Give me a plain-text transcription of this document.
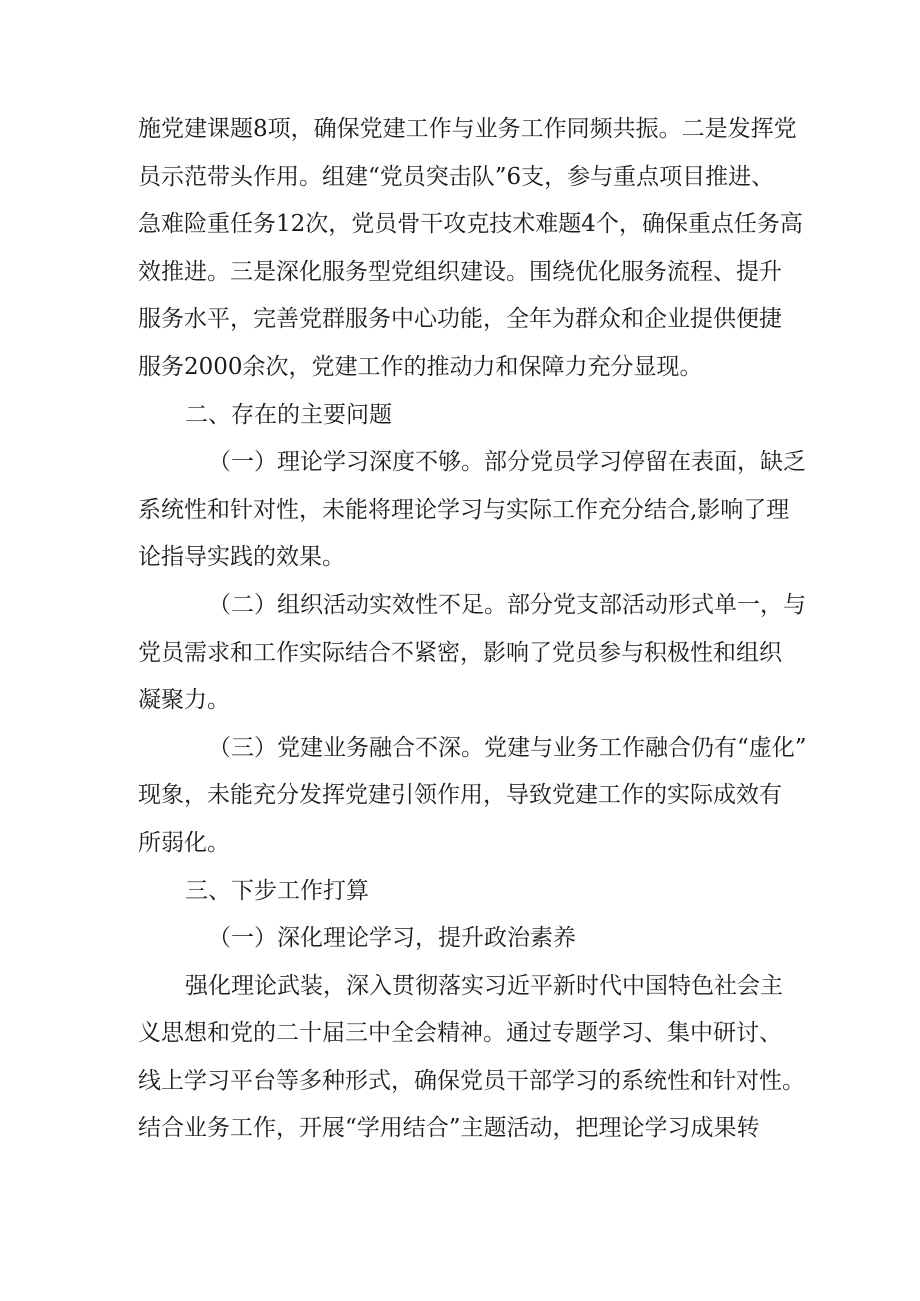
施党建课题8项，确保党建工作与业务工作同频共振。二是发挥党
员示范带头作用。组建“党员突击队”6支，参与重点项目推进、
急难险重任务12次，党员骨干攻克技术难题4个，确保重点任务高
效推进。三是深化服务型党组织建设。围绕优化服务流程、提升
服务水平，完善党群服务中心功能，全年为群众和企业提供便捷
服务2000余次，党建工作的推动力和保障力充分显现。
二、存在的主要问题
（一）理论学习深度不够。部分党员学习停留在表面，缺乏
系统性和针对性，未能将理论学习与实际工作充分结合,影响了理
论指导实践的效果。
（二）组织活动实效性不足。部分党支部活动形式单一，与
党员需求和工作实际结合不紧密，影响了党员参与积极性和组织
凝聚力。
（三）党建业务融合不深。党建与业务工作融合仍有“虚化”
现象，未能充分发挥党建引领作用，导致党建工作的实际成效有
所弱化。
三、下步工作打算
（一）深化理论学习，提升政治素养
强化理论武装，深入贯彻落实习近平新时代中国特色社会主
义思想和党的二十届三中全会精神。通过专题学习、集中研讨、
线上学习平台等多种形式，确保党员干部学习的系统性和针对性。
结合业务工作，开展“学用结合”主题活动，把理论学习成果转
